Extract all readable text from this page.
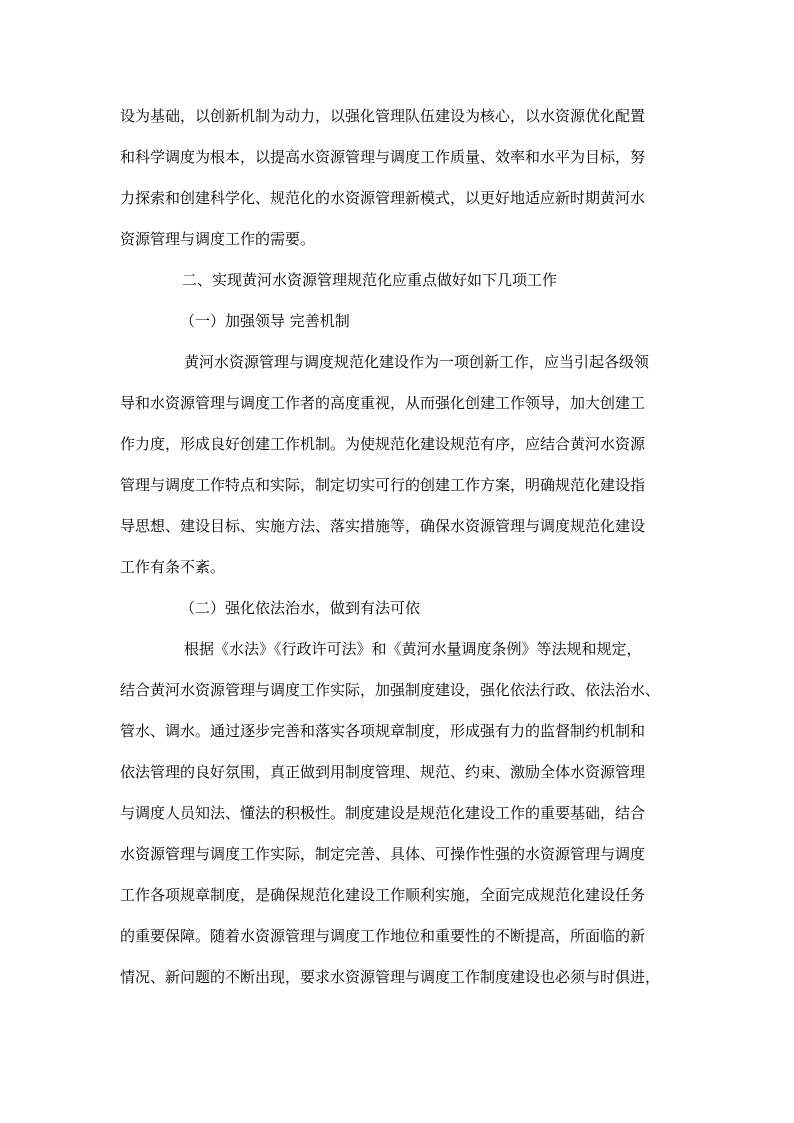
设为基础，以创新机制为动力，以强化管理队伍建设为核心，以水资源优化配置
和科学调度为根本，以提高水资源管理与调度工作质量、效率和水平为目标，努
力探索和创建科学化、规范化的水资源管理新模式，以更好地适应新时期黄河水
资源管理与调度工作的需要。
二、实现黄河水资源管理规范化应重点做好如下几项工作
（一）加强领导 完善机制
黄河水资源管理与调度规范化建设作为一项创新工作，应当引起各级领
导和水资源管理与调度工作者的高度重视，从而强化创建工作领导，加大创建工
作力度，形成良好创建工作机制。为使规范化建设规范有序，应结合黄河水资源
管理与调度工作特点和实际，制定切实可行的创建工作方案，明确规范化建设指
导思想、建设目标、实施方法、落实措施等，确保水资源管理与调度规范化建设
工作有条不紊。
（二）强化依法治水，做到有法可依
根据《水法》《行政许可法》和《黄河水量调度条例》等法规和规定，
结合黄河水资源管理与调度工作实际，加强制度建设，强化依法行政、依法治水、
管水、调水。通过逐步完善和落实各项规章制度，形成强有力的监督制约机制和
依法管理的良好氛围，真正做到用制度管理、规范、约束、激励全体水资源管理
与调度人员知法、懂法的积极性。制度建设是规范化建设工作的重要基础，结合
水资源管理与调度工作实际，制定完善、具体、可操作性强的水资源管理与调度
工作各项规章制度，是确保规范化建设工作顺利实施，全面完成规范化建设任务
的重要保障。随着水资源管理与调度工作地位和重要性的不断提高，所面临的新
情况、新问题的不断出现，要求水资源管理与调度工作制度建设也必须与时俱进，
